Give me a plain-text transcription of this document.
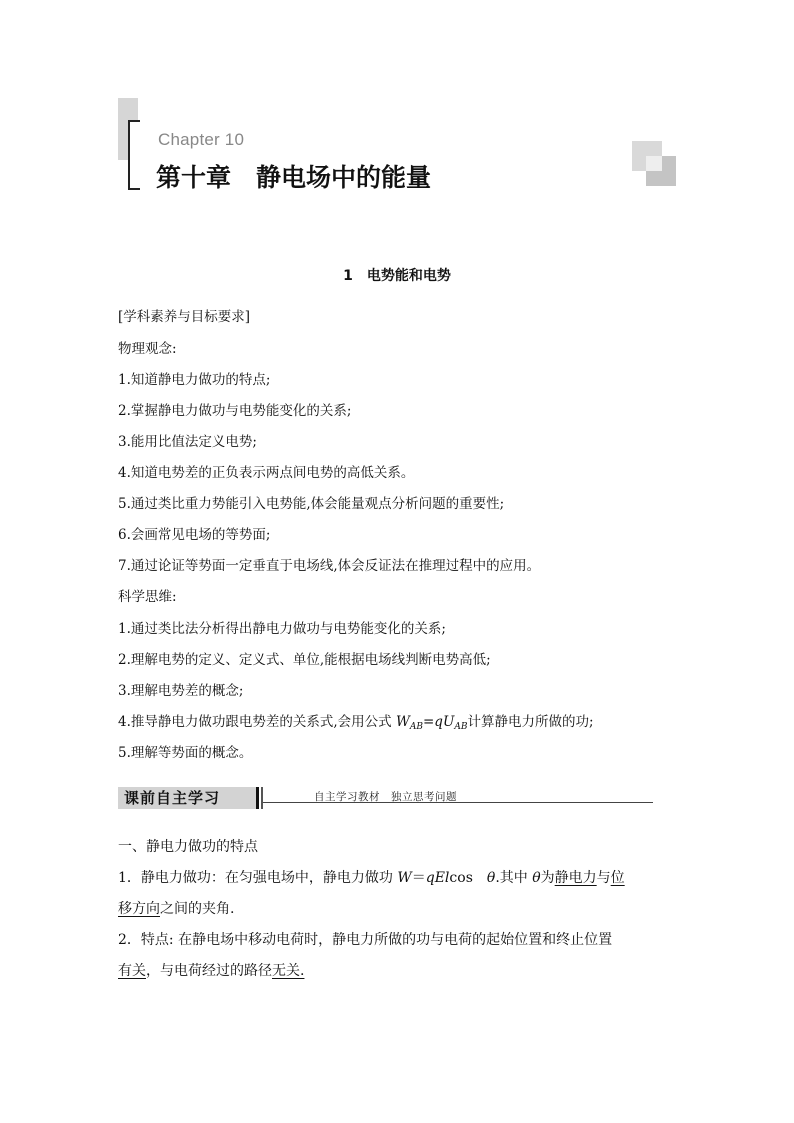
Chapter 10
第十章　静电场中的能量
1　电势能和电势
[学科素养与目标要求]
物理观念:
1.知道静电力做功的特点;
2.掌握静电力做功与电势能变化的关系;
3.能用比值法定义电势;
4.知道电势差的正负表示两点间电势的高低关系。
5.通过类比重力势能引入电势能,体会能量观点分析问题的重要性;
6.会画常见电场的等势面;
7.通过论证等势面一定垂直于电场线,体会反证法在推理过程中的应用。
科学思维:
1.通过类比法分析得出静电力做功与电势能变化的关系;
2.理解电势的定义、定义式、单位,能根据电场线判断电势高低;
3.理解电势差的概念;
4.推导静电力做功跟电势差的关系式,会用公式 $W_{AB}=qU_{AB}$计算静电力所做的功;
5.理解等势面的概念。
课前自主学习	自主学习教材　独立思考问题
一、静电力做功的特点
1．静电力做功：在匀强电场中，静电力做功 W＝qElcos　θ.其中 θ为静电力与位
移方向之间的夹角.
2．特点: 在静电场中移动电荷时，静电力所做的功与电荷的起始位置和终止位置
有关，与电荷经过的路径无关.
